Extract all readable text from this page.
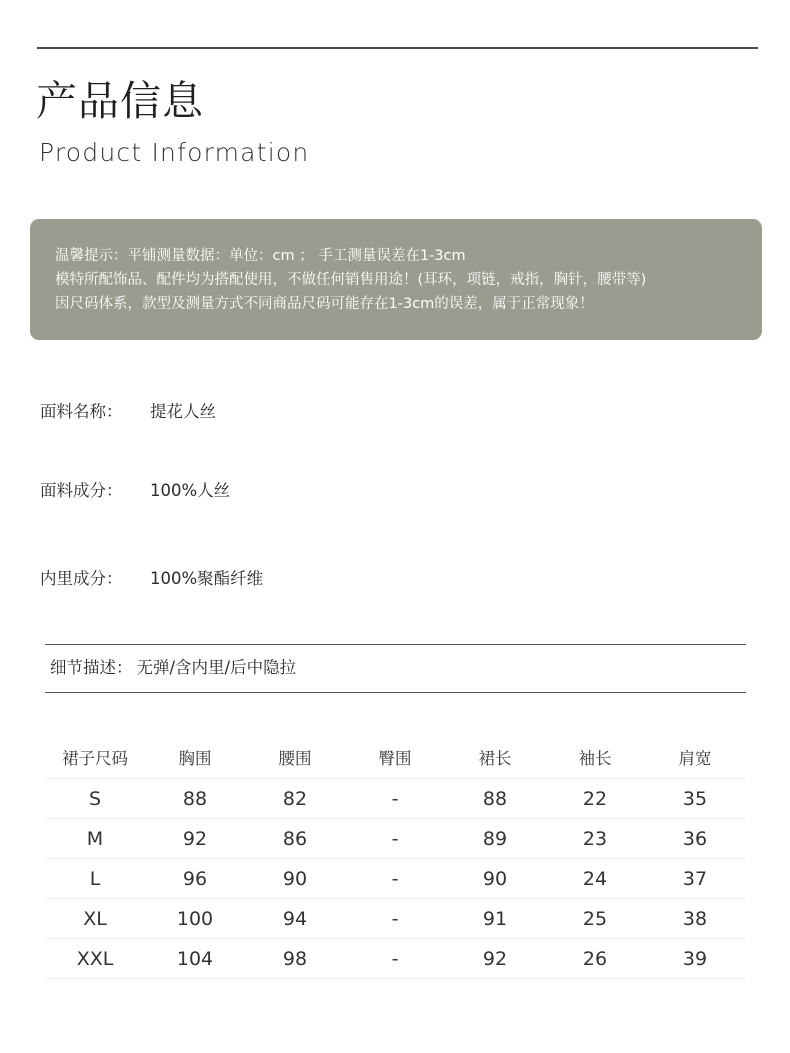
产品信息
Product Information
温馨提示：平铺测量数据：单位：cm ； 手工测量误差在1-3cm
模特所配饰品、配件均为搭配使用，不做任何销售用途！(耳环，项链，戒指，胸针，腰带等)
因尺码体系，款型及测量方式不同商品尺码可能存在1-3cm的误差，属于正常现象！
面料名称： 提花人丝
面料成分： 100%人丝
内里成分： 100%聚酯纤维
细节描述： 无弹/含内里/后中隐拉
裙子尺码	胸围	腰围	臀围	裙长	袖长	肩宽
S	88	82	-	88	22	35
M	92	86	-	89	23	36
L	96	90	-	90	24	37
XL	100	94	-	91	25	38
XXL	104	98	-	92	26	39
